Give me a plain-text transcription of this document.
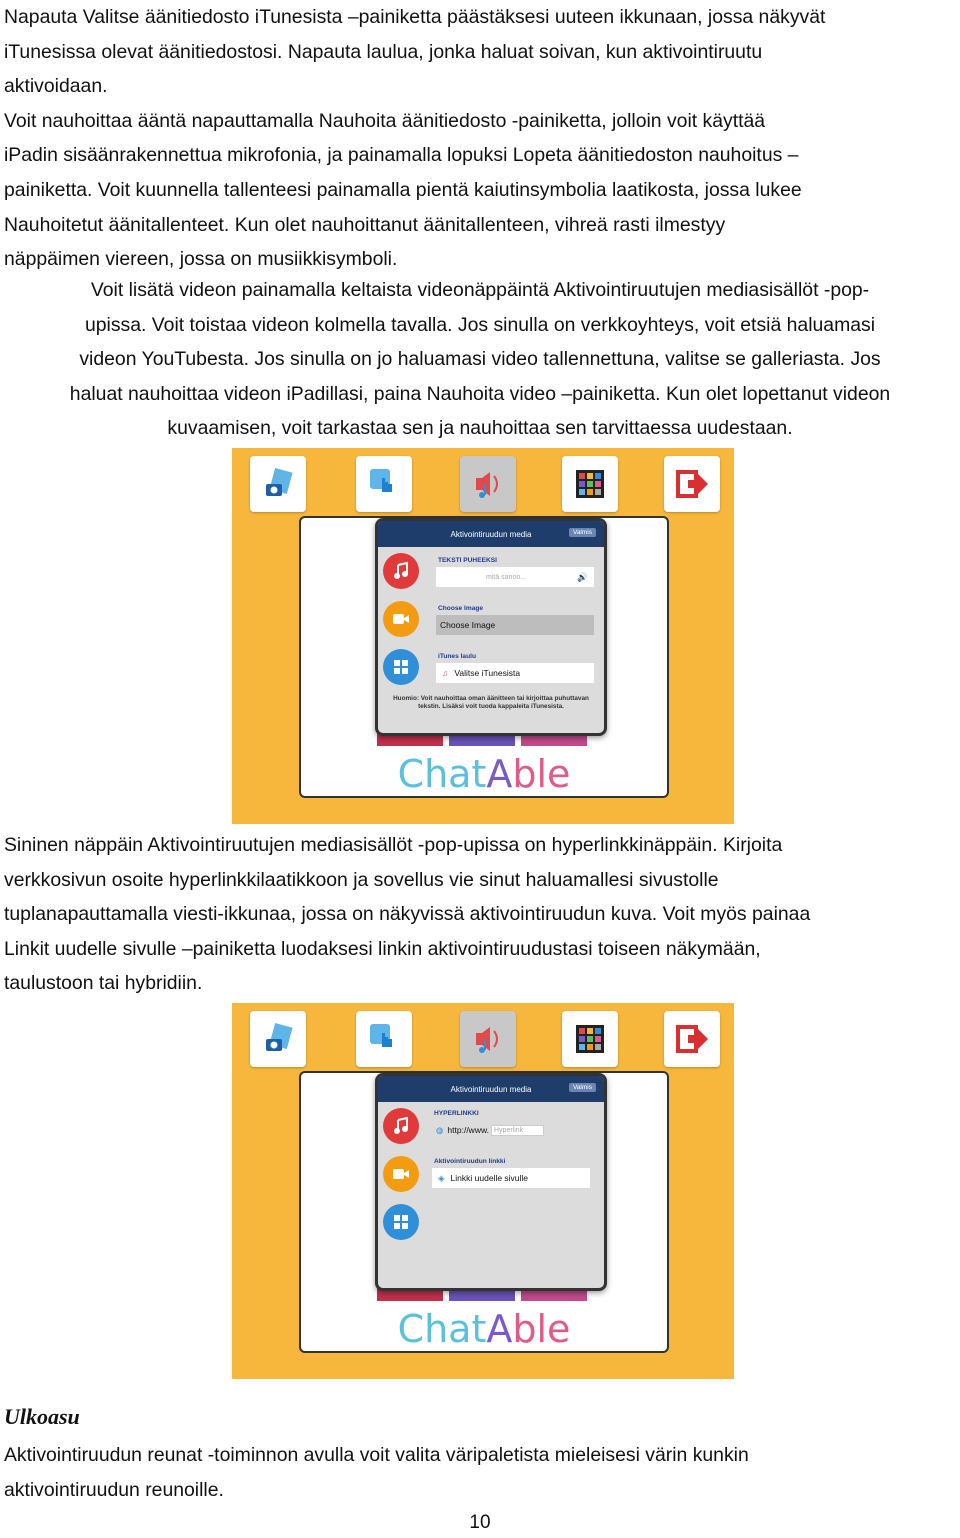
Napauta Valitse äänitiedosto iTunesista –painiketta päästäksesi uuteen ikkunaan, jossa näkyvät
iTunesissa olevat äänitiedostosi. Napauta laulua, jonka haluat soivan, kun aktivointiruutu
aktivoidaan.
Voit nauhoittaa ääntä napauttamalla Nauhoita äänitiedosto -painiketta, jolloin voit käyttää
iPadin sisäänrakennettua mikrofonia, ja painamalla lopuksi Lopeta äänitiedoston nauhoitus –
painiketta. Voit kuunnella tallenteesi painamalla pientä kaiutinsymbolia laatikosta, jossa lukee
Nauhoitetut äänitallenteet. Kun olet nauhoittanut äänitallenteen, vihreä rasti ilmestyy
näppäimen viereen, jossa on musiikkisymboli.
Voit lisätä videon painamalla keltaista videonäppäintä Aktivointiruutujen mediasisällöt -pop-
upissa. Voit toistaa videon kolmella tavalla. Jos sinulla on verkkoyhteys, voit etsiä haluamasi
videon YouTubesta. Jos sinulla on jo haluamasi video tallennettuna, valitse se galleriasta. Jos
haluat nauhoittaa videon iPadillasi, paina Nauhoita video –painiketta. Kun olet lopettanut videon
kuvaamisen, voit tarkastaa sen ja nauhoittaa sen tarvittaessa uudestaan.
ChatAble
Aktivointiruudun media	Valmis
TEKSTI PUHEEKSI
mitä sanoo...	🔊
Choose Image
Choose Image
iTunes laulu
♫ Valitse iTunesista
Huomio: Voit nauhoittaa oman äänitteen tai kirjoittaa puhuttavan tekstin. Lisäksi voit tuoda kappaleita iTunesista.
Sininen näppäin Aktivointiruutujen mediasisällöt -pop-upissa on hyperlinkkinäppäin. Kirjoita
verkkosivun osoite hyperlinkkilaatikkoon ja sovellus vie sinut haluamallesi sivustolle
tuplanapauttamalla viesti-ikkunaa, jossa on näkyvissä aktivointiruudun kuva. Voit myös painaa
Linkit uudelle sivulle –painiketta luodaksesi linkin aktivointiruudustasi toiseen näkymään,
taulustoon tai hybridiin.
ChatAble
Aktivointiruudun media	Valmis
HYPERLINKKI
◍ http://www. Hyperlink
Aktivointiruudun linkki
◈ Linkki uudelle sivulle
Ulkoasu
Aktivointiruudun reunat -toiminnon avulla voit valita väripaletista mieleisesi värin kunkin
aktivointiruudun reunoille.
10
